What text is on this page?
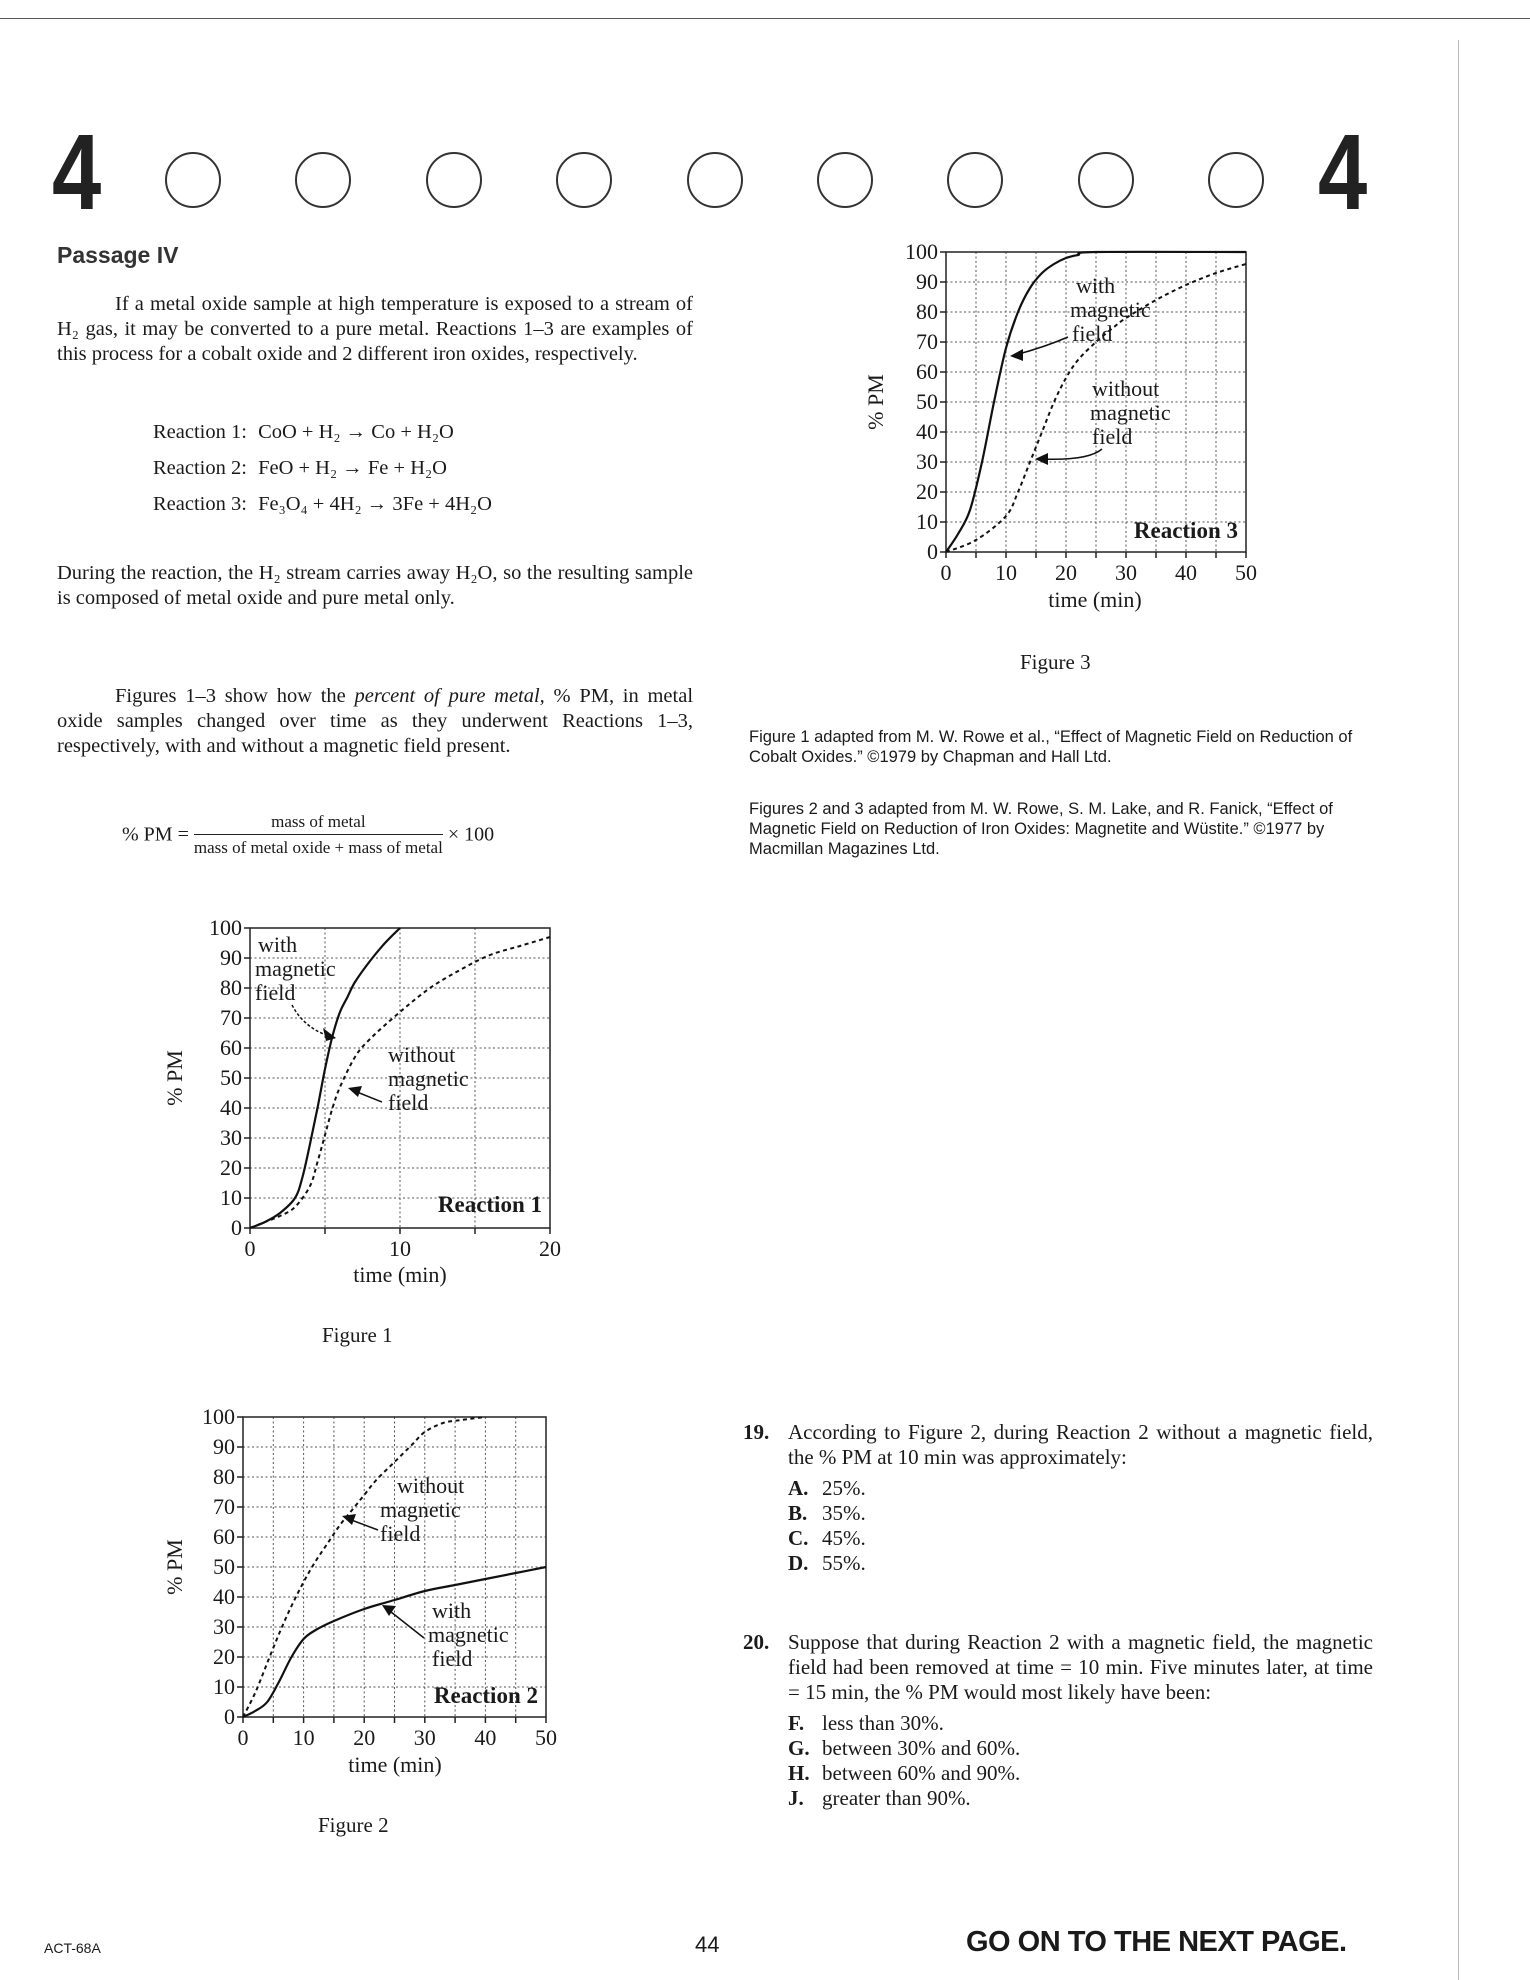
4	4
Passage IV
If a metal oxide sample at high temperature is exposed to a stream of H₂ gas, it may be converted to a pure metal. Reactions 1–3 are examples of this process for a cobalt oxide and 2 different iron oxides, respectively.
Reaction 1: CoO + H₂ → Co + H₂O
Reaction 2: FeO + H₂ → Fe + H₂O
Reaction 3: Fe₃O₄ + 4H₂ → 3Fe + 4H₂O
During the reaction, the H₂ stream carries away H₂O, so the resulting sample is composed of metal oxide and pure metal only.
Figures 1–3 show how the percent of pure metal, % PM, in metal oxide samples changed over time as they underwent Reactions 1–3, respectively, with and without a magnetic field present.
% PM = $\frac{\text{mass of metal}}{\text{mass of metal oxide + mass of metal}} \times 100$
0
10
20
30
40
50
60
70
80
90
100
0	10	20
with
magnetic
field
without
magnetic
field
Reaction 1
time (min)
% PM
Figure 1
0
10
20
30
40
50
60
70
80
90
100
0 10 20 30 40 50
without
magnetic
field
with
magnetic
field
Reaction 2
time (min)
% PM
Figure 2
0
10
20
30
40
50
60
70
80
90
100
0 10 20 30 40 50
with
magnetic
field
without
magnetic
field
Reaction 3
time (min)
% PM
Figure 3
Figure 1 adapted from M. W. Rowe et al., “Effect of Magnetic Field on Reduction of Cobalt Oxides.” ©1979 by Chapman and Hall Ltd.
Figures 2 and 3 adapted from M. W. Rowe, S. M. Lake, and R. Fanick, “Effect of Magnetic Field on Reduction of Iron Oxides: Magnetite and Wüstite.” ©1977 by Macmillan Magazines Ltd.
19. According to Figure 2, during Reaction 2 without a magnetic field, the % PM at 10 min was approximately:
A. 25%.
B. 35%.
C. 45%.
D. 55%.
20. Suppose that during Reaction 2 with a magnetic field, the magnetic field had been removed at time = 10 min. Five minutes later, at time = 15 min, the % PM would most likely have been:
F. less than 30%.
G. between 30% and 60%.
H. between 60% and 90%.
J. greater than 90%.
ACT-68A	44	GO ON TO THE NEXT PAGE.
